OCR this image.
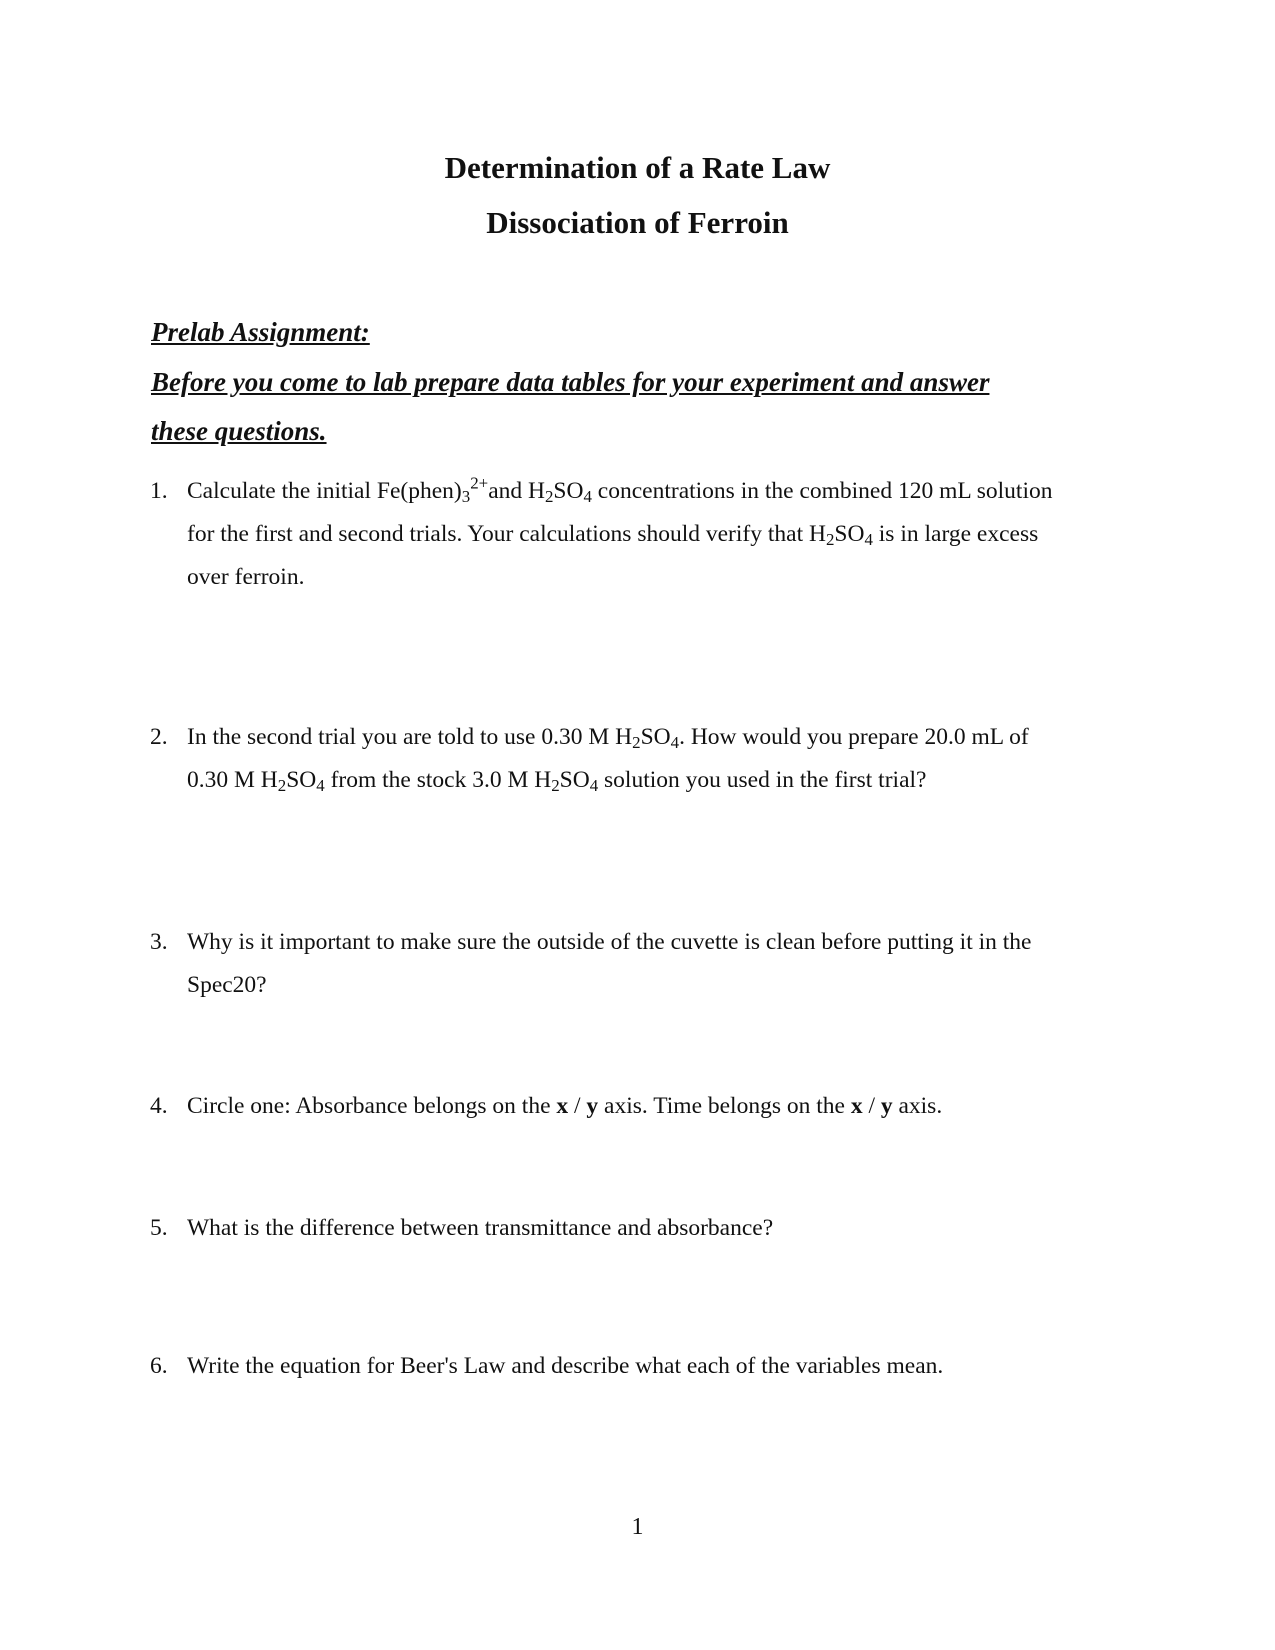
Determination of a Rate Law
Dissociation of Ferroin
Prelab Assignment:
Before you come to lab prepare data tables for your experiment and answer
these questions.
1. Calculate the initial $Fe(phen)_3^{2+}and$ $H_2SO_4$ concentrations in the combined 120 mL solution
for the first and second trials. Your calculations should verify that $H_2SO_4$ is in large excess
over ferroin.
2. In the second trial you are told to use 0.30 M $H_2SO_4$. How would you prepare 20.0 mL of
0.30 M $H_2SO_4$ from the stock 3.0 M $H_2SO_4$ solution you used in the first trial?
3. Why is it important to make sure the outside of the cuvette is clean before putting it in the
Spec20?
4. Circle one: Absorbance belongs on the x / y axis. Time belongs on the x / y axis.
5. What is the difference between transmittance and absorbance?
6. Write the equation for Beer's Law and describe what each of the variables mean.
1
